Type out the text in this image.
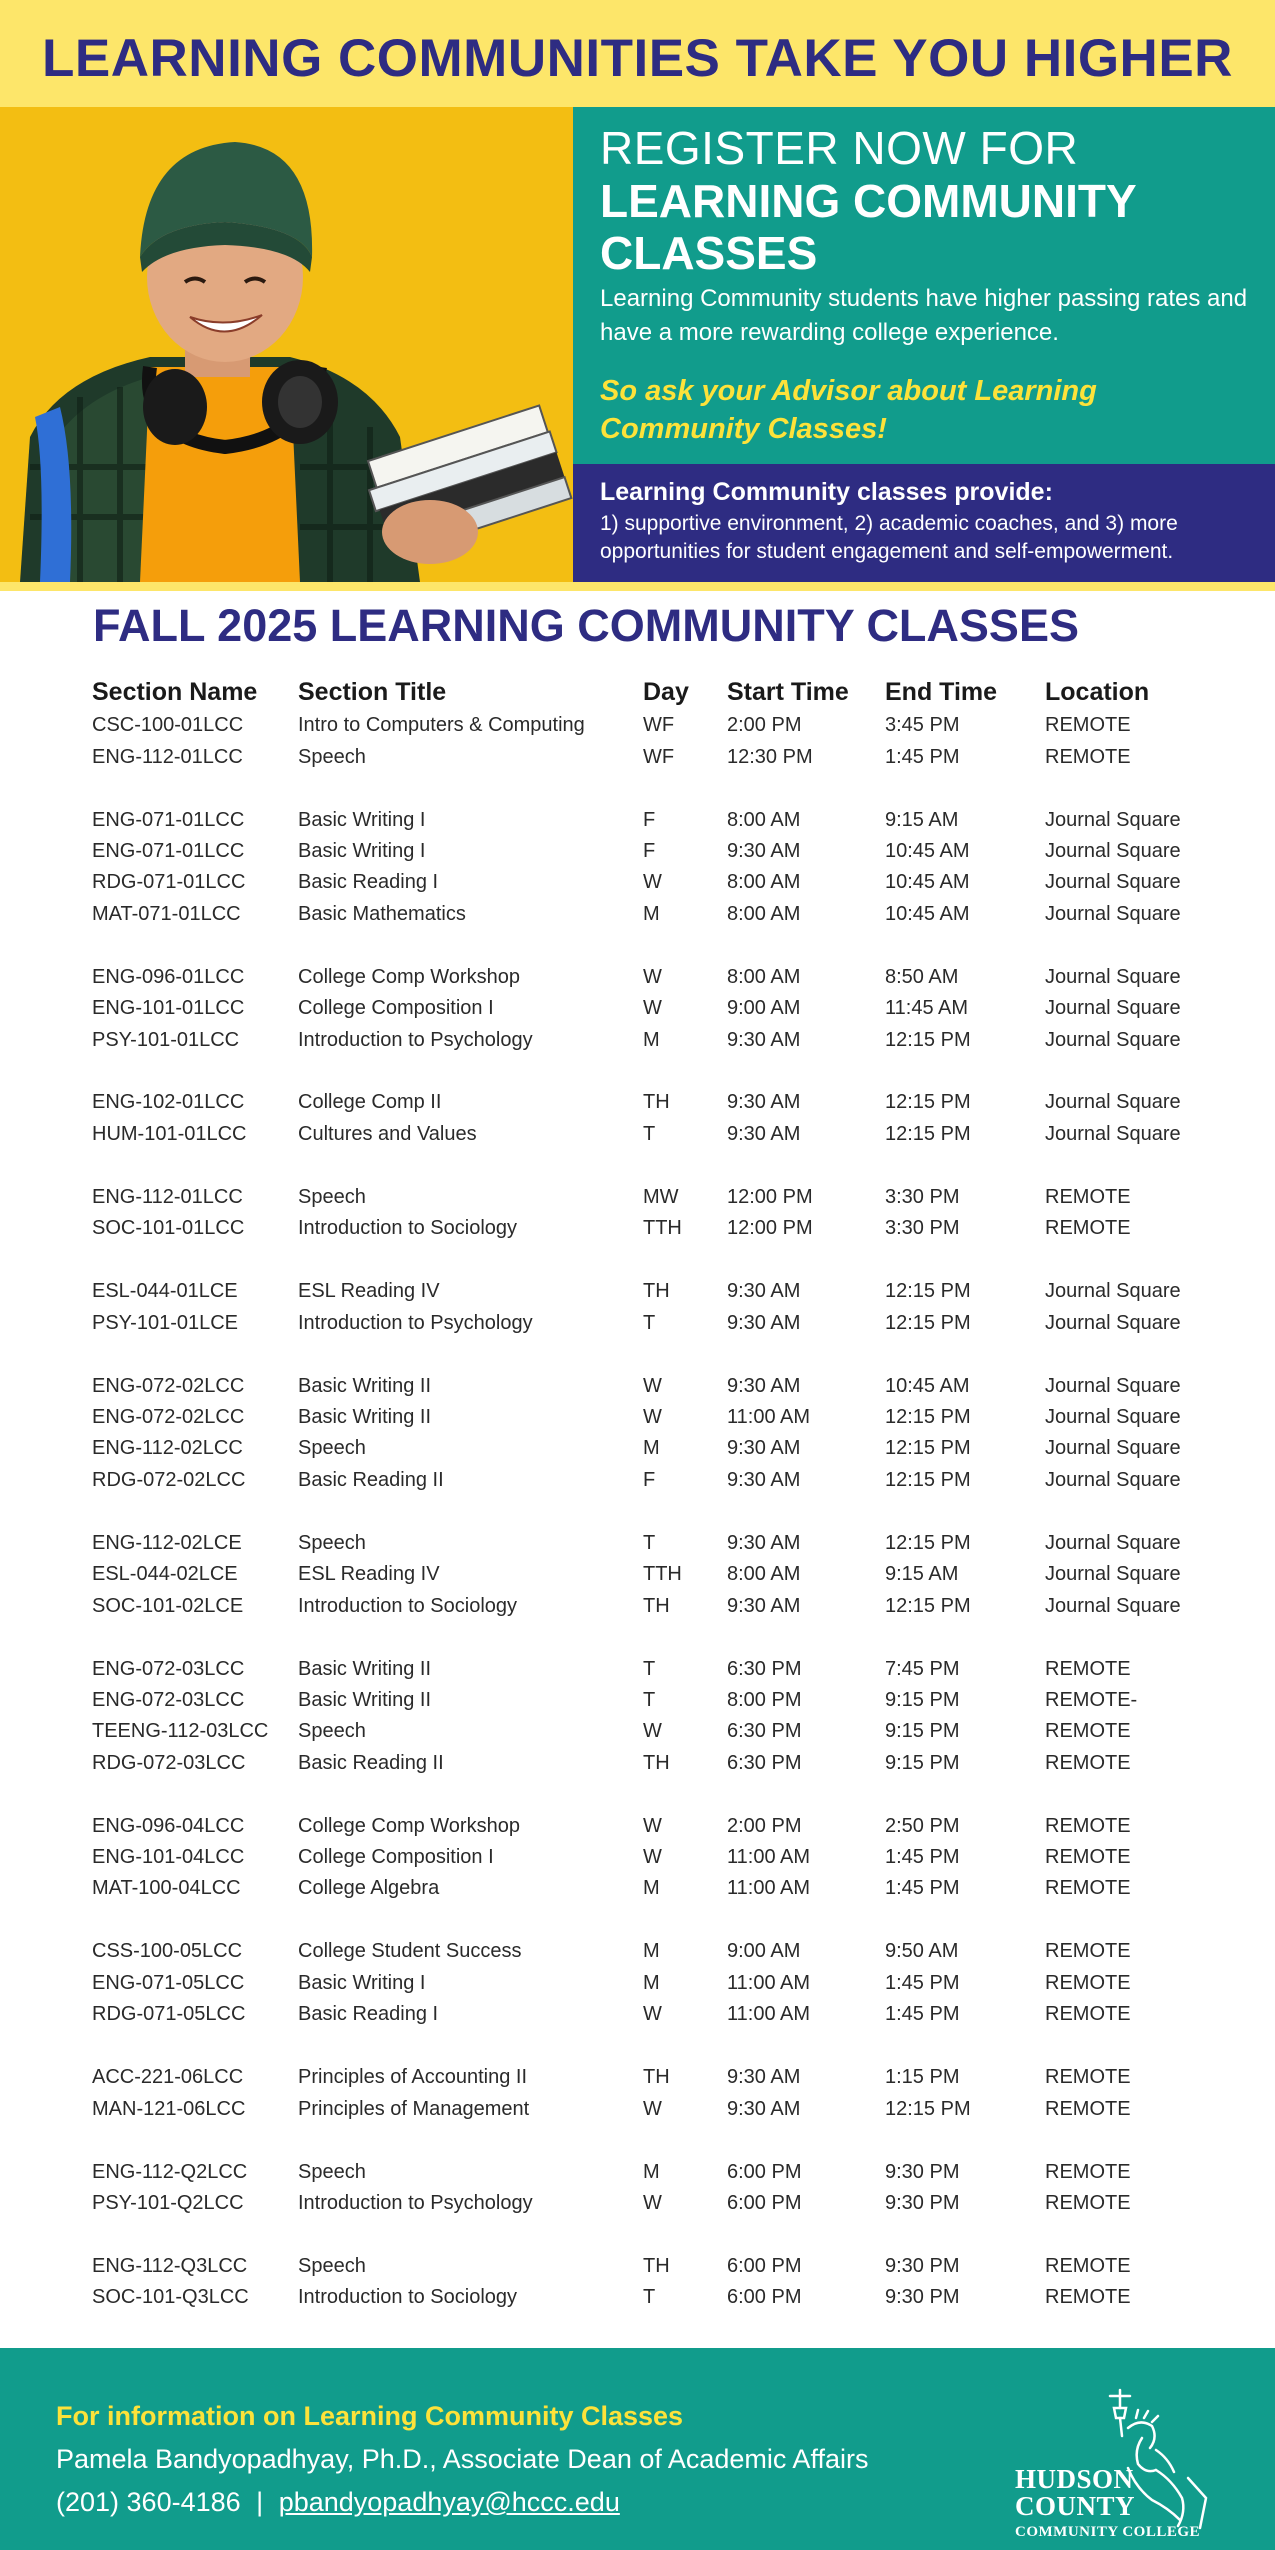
LEARNING COMMUNITIES TAKE YOU HIGHER
REGISTER NOW FOR
LEARNING COMMUNITY CLASSES
Learning Community students have higher passing rates and have a more rewarding college experience.
So ask your Advisor about Learning Community Classes!
Learning Community classes provide:
1) supportive environment, 2) academic coaches, and 3) more opportunities for student engagement and self-empowerment.
FALL 2025 LEARNING COMMUNITY CLASSES
Section Name	Section Title	Day	Start Time	End Time	Location
CSC-100-01LCC	Intro to Computers & Computing	WF	2:00 PM	3:45 PM	REMOTE
ENG-112-01LCC	Speech	WF	12:30 PM	1:45 PM	REMOTE

ENG-071-01LCC	Basic Writing I	F	8:00 AM	9:15 AM	Journal Square
ENG-071-01LCC	Basic Writing I	F	9:30 AM	10:45 AM	Journal Square
RDG-071-01LCC	Basic Reading I	W	8:00 AM	10:45 AM	Journal Square
MAT-071-01LCC	Basic Mathematics	M	8:00 AM	10:45 AM	Journal Square

ENG-096-01LCC	College Comp Workshop	W	8:00 AM	8:50 AM	Journal Square
ENG-101-01LCC	College Composition I	W	9:00 AM	11:45 AM	Journal Square
PSY-101-01LCC	Introduction to Psychology	M	9:30 AM	12:15 PM	Journal Square

ENG-102-01LCC	College Comp II	TH	9:30 AM	12:15 PM	Journal Square
HUM-101-01LCC	Cultures and Values	T	9:30 AM	12:15 PM	Journal Square

ENG-112-01LCC	Speech	MW	12:00 PM	3:30 PM	REMOTE
SOC-101-01LCC	Introduction to Sociology	TTH	12:00 PM	3:30 PM	REMOTE

ESL-044-01LCE	ESL Reading IV	TH	9:30 AM	12:15 PM	Journal Square
PSY-101-01LCE	Introduction to Psychology	T	9:30 AM	12:15 PM	Journal Square

ENG-072-02LCC	Basic Writing II	W	9:30 AM	10:45 AM	Journal Square
ENG-072-02LCC	Basic Writing II	W	11:00 AM	12:15 PM	Journal Square
ENG-112-02LCC	Speech	M	9:30 AM	12:15 PM	Journal Square
RDG-072-02LCC	Basic Reading II	F	9:30 AM	12:15 PM	Journal Square

ENG-112-02LCE	Speech	T	9:30 AM	12:15 PM	Journal Square
ESL-044-02LCE	ESL Reading IV	TTH	8:00 AM	9:15 AM	Journal Square
SOC-101-02LCE	Introduction to Sociology	TH	9:30 AM	12:15 PM	Journal Square

ENG-072-03LCC	Basic Writing II	T	6:30 PM	7:45 PM	REMOTE
ENG-072-03LCC	Basic Writing II	T	8:00 PM	9:15 PM	REMOTE-
TEENG-112-03LCC	Speech	W	6:30 PM	9:15 PM	REMOTE
RDG-072-03LCC	Basic Reading II	TH	6:30 PM	9:15 PM	REMOTE

ENG-096-04LCC	College Comp Workshop	W	2:00 PM	2:50 PM	REMOTE
ENG-101-04LCC	College Composition I	W	11:00 AM	1:45 PM	REMOTE
MAT-100-04LCC	College Algebra	M	11:00 AM	1:45 PM	REMOTE

CSS-100-05LCC	College Student Success	M	9:00 AM	9:50 AM	REMOTE
ENG-071-05LCC	Basic Writing I	M	11:00 AM	1:45 PM	REMOTE
RDG-071-05LCC	Basic Reading I	W	11:00 AM	1:45 PM	REMOTE

ACC-221-06LCC	Principles of Accounting II	TH	9:30 AM	1:15 PM	REMOTE
MAN-121-06LCC	Principles of Management	W	9:30 AM	12:15 PM	REMOTE

ENG-112-Q2LCC	Speech	M	6:00 PM	9:30 PM	REMOTE
PSY-101-Q2LCC	Introduction to Psychology	W	6:00 PM	9:30 PM	REMOTE

ENG-112-Q3LCC	Speech	TH	6:00 PM	9:30 PM	REMOTE
SOC-101-Q3LCC	Introduction to Sociology	T	6:00 PM	9:30 PM	REMOTE
For information on Learning Community Classes
Pamela Bandyopadhyay, Ph.D., Associate Dean of Academic Affairs
(201) 360-4186 | pbandyopadhyay@hccc.edu
HUDSON
COUNTY
COMMUNITY COLLEGE
